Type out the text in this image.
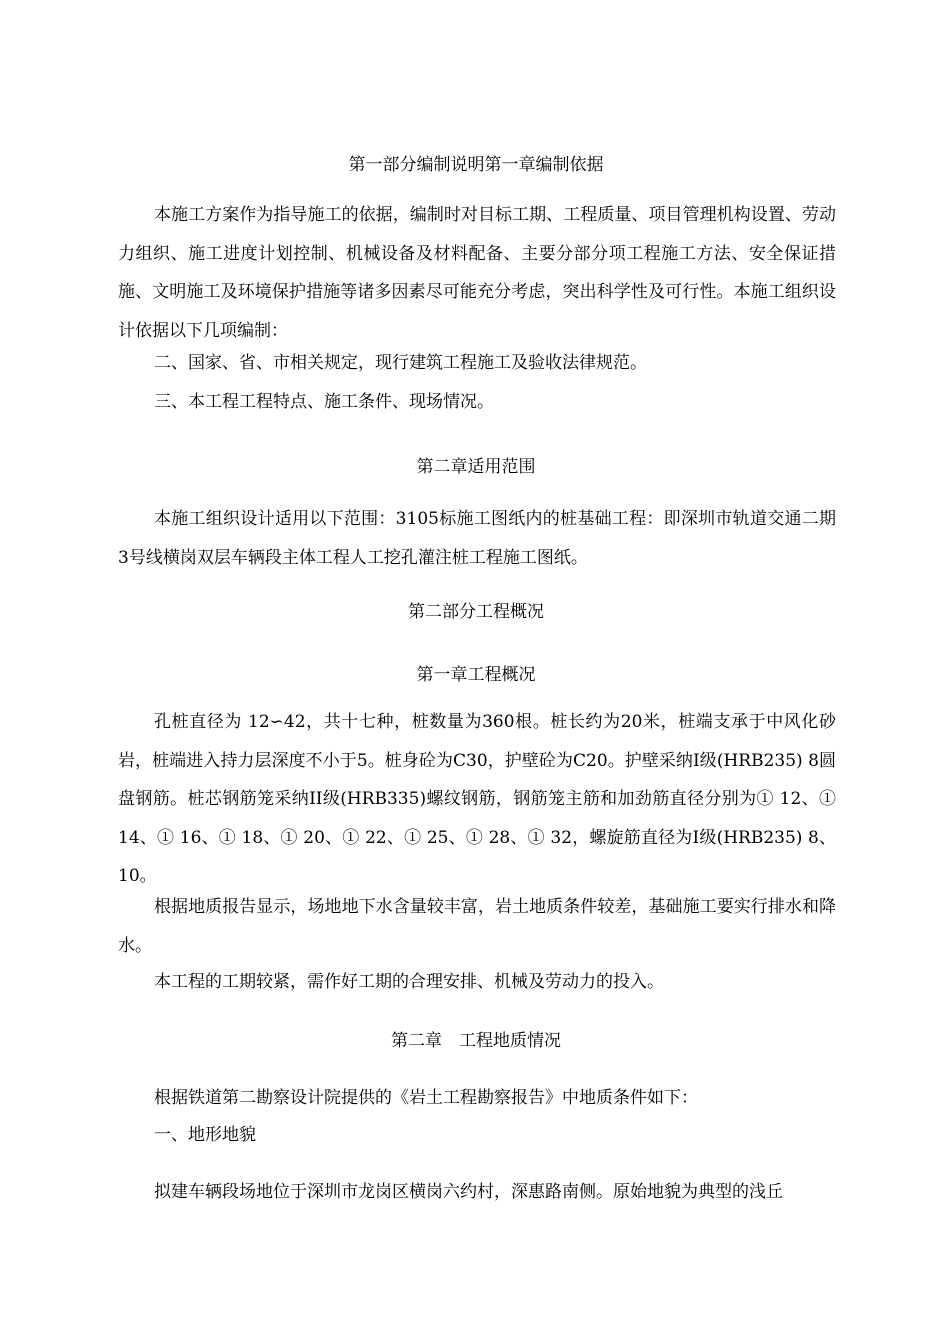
第一部分编制说明第一章编制依据

本施工方案作为指导施工的依据，编制时对目标工期、工程质量、项目管理机构设置、劳动力组织、施工进度计划控制、机械设备及材料配备、主要分部分项工程施工方法、安全保证措施、文明施工及环境保护措施等诸多因素尽可能充分考虑，突出科学性及可行性。本施工组织设计依据以下几项编制：

二、国家、省、市相关规定，现行建筑工程施工及验收法律规范。
三、本工程工程特点、施工条件、现场情况。
第二章适用范围

本施工组织设计适用以下范围：3105标施工图纸内的桩基础工程：即深圳市轨道交通二期3号线横岗双层车辆段主体工程人工挖孔灌注桩工程施工图纸。

第二部分工程概况
第一章工程概况

孔桩直径为 12∽42，共十七种，桩数量为360根。桩长约为20米，桩端支承于中风化砂岩，桩端进入持力层深度不小于5。桩身砼为C30，护壁砼为C20。护壁采纳Ⅰ级(HRB235) 8圆盘钢筋。桩芯钢筋笼采纳II级(HRB335)螺纹钢筋，钢筋笼主筋和加劲筋直径分别为① 12、① 14、① 16、① 18、① 20、① 22、① 25、① 28、① 32，螺旋筋直径为Ⅰ级(HRB235) 8、10。

根据地质报告显示，场地地下水含量较丰富，岩土地质条件较差，基础施工要实行排水和降水。

本工程的工期较紧，需作好工期的合理安排、机械及劳动力的投入。
第二章　工程地质情况
根据铁道第二勘察设计院提供的《岩土工程勘察报告》中地质条件如下：
一、地形地貌
拟建车辆段场地位于深圳市龙岗区横岗六约村，深惠路南侧。原始地貌为典型的浅丘
